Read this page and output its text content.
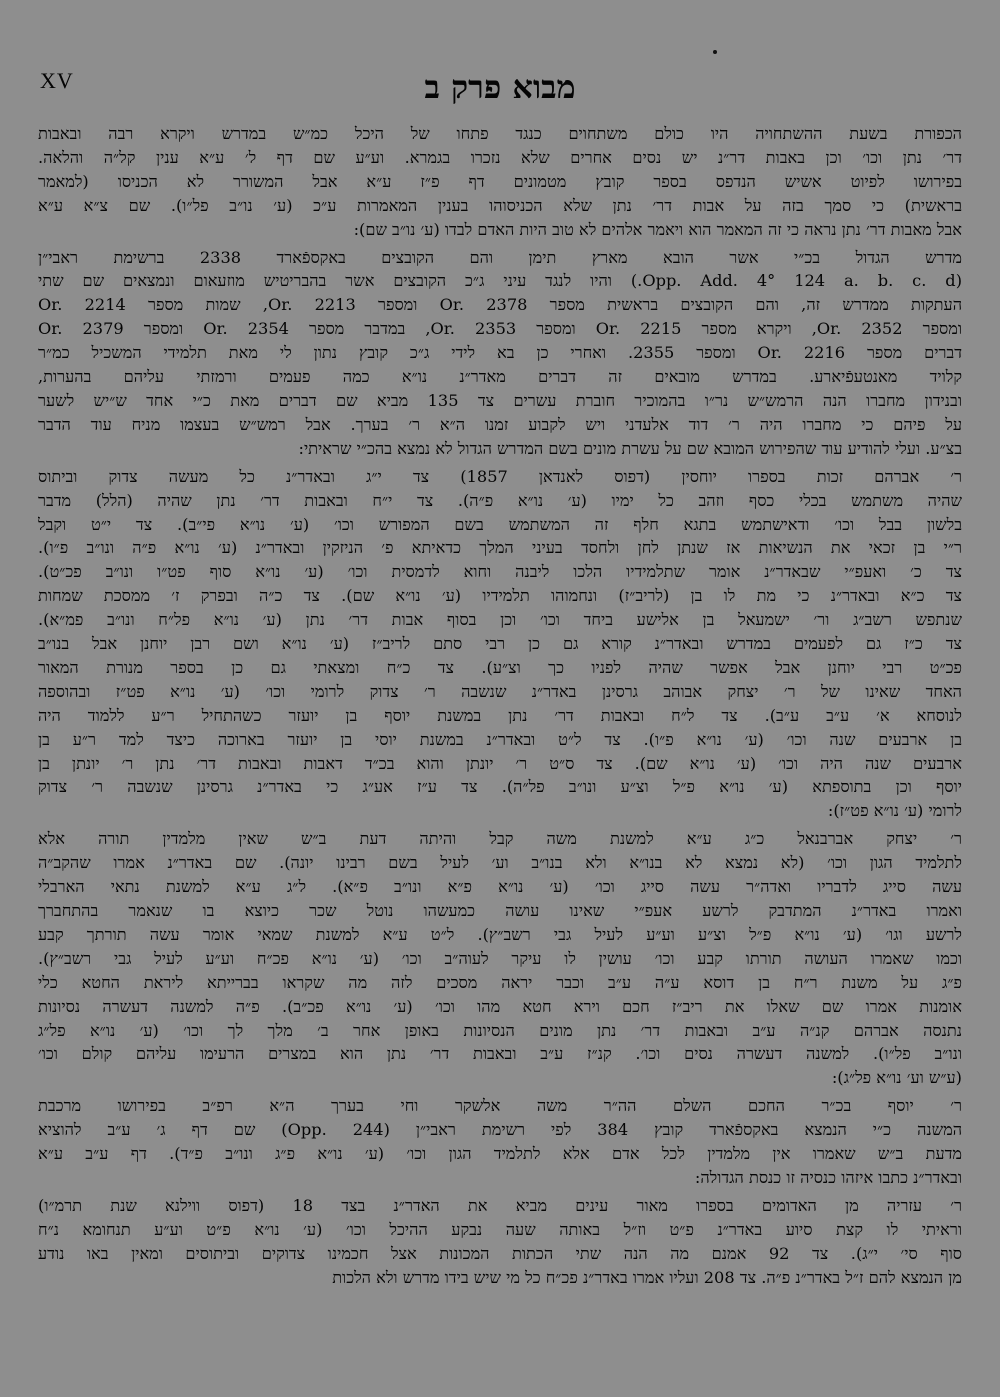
XV	מבוא פרק ב
הכפורת בשעת ההשתחויה היו כולם משתחוים כנגד פתחו של היכל כמ״ש במדרש ויקרא רבה ובאבות
דר׳ נתן וכו׳ וכן באבות דר״נ יש נסים אחרים שלא נזכרו בגמרא. וע״ע שם דף ל׳ ע״א ענין קל״ה והלאה.
בפירושו לפיוט אשיש הנדפס בספר קובץ מטמונים דף פ״ז ע״א אבל המשורר לא הכניסו (למאמר
בראשית) כי סמך בזה על אבות דר׳ נתן שלא הכניסוהו בענין המאמרות ע״כ (ע׳ נו״ב פל״ו). שם צ״א ע״א
אבל מאבות דר׳ נתן נראה כי זה המאמר הוא ויאמר אלהים לא טוב היות האדם לבדו (ע׳ נו״ב שם):
מדרש הגדול בכ״י אשר הובא מארץ תימן והם הקובצים באקספֿארד 2338 ברשימת ראבי״ן
(Opp. Add. 4° 124 a. b. c. d.) והיו לנגד עיני ג״כ הקובצים אשר בהבריטיש מוזעאום ונמצאים שם שתי
העתקות ממדרש זה, והם הקובצים בראשית מספר Or. 2378 ומספר Or. 2213, שמות מספר Or. 2214
ומספר Or. 2352, ויקרא מספר Or. 2215 ומספר Or. 2353, במדבר מספר Or. 2354 ומספר Or. 2379
דברים מספר Or. 2216 ומספר 2355. ואחרי כן בא לידי ג״כ קובץ נתון לי מאת תלמידי המשכיל כמ״ר
קלויד מאנטעפֿיארע. במדרש מובאים זה דברים מאדר״נ נו״א כמה פעמים ורמזתי עליהם בהערות,
ובנידון מחברו הנה הרמש״ש נר״ו בהמוכיר חוברת עשרים צד 135 מביא שם דברים מאת כ״י אחד ש״יש לשער
על פיהם כי מחברו היה ר׳ דוד אלעדני ויש לקבוע זמנו ה״א ר׳ בערך. אבל רמש״ש בעצמו מניח עוד הדבר
בצ״ע. ועלי להודיע עוד שהפירוש המובא שם על עשרת מונים בשם המדרש הגדול לא נמצא בהכ״י שראיתי:
ר׳ אברהם זכות בספרו יוחסין (דפוס לאנדאן 1857) צד י״ג ובאדר״נ כל מעשה צדוק וביתוס
שהיה משתמש בכלי כסף וזהב כל ימיו (ע׳ נו״א פ״ה). צד י״ח ובאבות דר׳ נתן שהיה (הלל) מדבר
בלשון בבל וכו׳ ודאישתמש בתגא חלף זה המשתמש בשם המפורש וכו׳ (ע׳ נו״א פי״ב). צד י״ט וקבל
ר״י בן זכאי את הנשיאות אז שנתן לחן ולחסד בעיני המלך כדאיתא פ׳ הניזקין ובאדר״נ (ע׳ נו״א פ״ה ונו״ב פ״ו).
צד כ׳ ואעפ״י שבאדר״נ אומר שתלמידיו הלכו ליבנה וחוא לדמסית וכו׳ (ע׳ נו״א סוף פט״ו ונו״ב פכ״ט).
צד כ״א ובאדר״נ כי מת לו בן (לריב״ז) ונחמוהו תלמידיו (ע׳ נו״א שם). צד כ״ה ובפרק ז׳ ממסכת שמחות
שנתפש רשב״ג ור׳ ישמעאל בן אלישע ביחד וכו׳ וכן בסוף אבות דר׳ נתן (ע׳ נו״א פל״ח ונו״ב פמ״א).
צד כ״ז גם לפעמים במדרש ובאדר״נ קורא גם כן רבי סתם לריב״ז (ע׳ נו״א ושם רבן יוחנן אבל בנו״ב
פכ״ט רבי יוחנן אבל אפשר שהיה לפניו כך וצ״ע). צד כ״ח ומצאתי גם כן בספר מנורת המאור
האחד שאינו של ר׳ יצחק אבוהב גרסינן באדר״נ שנשבה ר׳ צדוק לרומי וכו׳ (ע׳ נו״א פט״ז ובהוספה
לנוסחא א׳ ע״ב ע״ב). צד ל״ח ובאבות דר׳ נתן במשנת יוסף בן יועזר כשהתחיל ר״ע ללמוד היה
בן ארבעים שנה וכו׳ (ע׳ נו״א פ״ו). צד ל״ט ובאדר״נ במשנת יוסי בן יועזר בארוכה כיצד למד ר״ע בן
ארבעים שנה היה וכו׳ (ע׳ נו״א שם). צד ס״ט ר׳ יונתן והוא בכ״ד דאבות ובאבות דר׳ נתן ר׳ יונתן בן
יוסף וכן בתוספתא (ע׳ נו״א פ״ל וצ״ע ונו״ב פל״ה). צד ע״ז אע״ג כי באדר״נ גרסינן שנשבה ר׳ צדוק
לרומי (ע׳ נו״א פט״ז):
ר׳ יצחק אברבנאל כ״ג ע״א למשנת משה קבל והיתה דעת ב״ש שאין מלמדין תורה אלא
לתלמיד הגון וכו׳ (לא נמצא לא בנו״א ולא בנו״ב וע׳ לעיל בשם רבינו יונה). שם באדר״נ אמרו שהקב״ה
עשה סייג לדבריו ואדה״ר עשה סייג וכו׳ (ע׳ נו״א פ״א ונו״ב פ״א). ל״ג ע״א למשנת נתאי הארבלי
ואמרו באדר״נ המתדבק לרשע אעפ״י שאינו עושה כמעשהו נוטל שכר כיוצא בו שנאמר בהתחברך
לרשע וגו׳ (ע׳ נו״א פ״ל וצ״ע וע״ע לעיל גבי רשב״ץ). ל״ט ע״א למשנת שמאי אומר עשה תורתך קבע
וכמו שאמרו העושה תורתו קבע וכו׳ עושין לו עיקר לעוה״ב וכו׳ (ע׳ נו״א פכ״ח וע״ע לעיל גבי רשב״ץ).
פ״ג על משנת ר״ח בן דוסא ע״ה ע״ב וכבר יראה מסכים לזה מה שקראו בברייתא ליראת החטא כלי
אומנות אמרו שם שאלו את ריב״ז חכם וירא חטא מהו וכו׳ (ע׳ נו״א פכ״ב). פ״ה למשנה דעשרה נסיונות
נתנסה אברהם קנ״ה ע״ב ובאבות דר׳ נתן מונים הנסיונות באופן אחר ב׳ מלך לך וכו׳ (ע׳ נו״א פל״ג
ונו״ב פל״ו). למשנה דעשרה נסים וכו׳. קנ״ז ע״ב ובאבות דר׳ נתן הוא במצרים הרעימו עליהם קולם וכו׳
(ע״ש וע׳ נו״א פל״ג):
ר׳ יוסף בכ״ר החכם השלם הה״ר משה אלשקר וחי בערך ה״א רפ״ב בפירושו מרכבת
המשנה כ״י הנמצא באקספֿארד קובץ 384 לפי רשימת ראבי״ן (Opp. 244) שם דף ג׳ ע״ב להוציא
מדעת ב״ש שאמרו אין מלמדין לכל אדם אלא לתלמיד הגון וכו׳ (ע׳ נו״א פ״ג ונו״ב פ״ד). דף ע״ב ע״א
ובאדר״נ כתבו איזהו כנסיה זו כנסת הגדולה:
ר׳ עזריה מן האדומים בספרו מאור עינים מביא את האדר״נ בצד 18 (דפוס ווילנא שנת תרמ״ו)
וראיתי לו קצת סיוע באדר״נ פ״ט וז״ל באותה שעה נבקע ההיכל וכו׳ (ע׳ נו״א פ״ט וע״ע תנחומא נ״ח
סוף סי׳ י״ג). צד 92 אמנם מה הנה שתי הכתות המכונות אצל חכמינו צדוקים וביתוסים ומאין באו נודע
מן הנמצא להם ז״ל באדר״נ פ״ה. צד 208 ועליו אמרו באדר״נ פכ״ח כל מי שיש בידו מדרש ולא הלכות
